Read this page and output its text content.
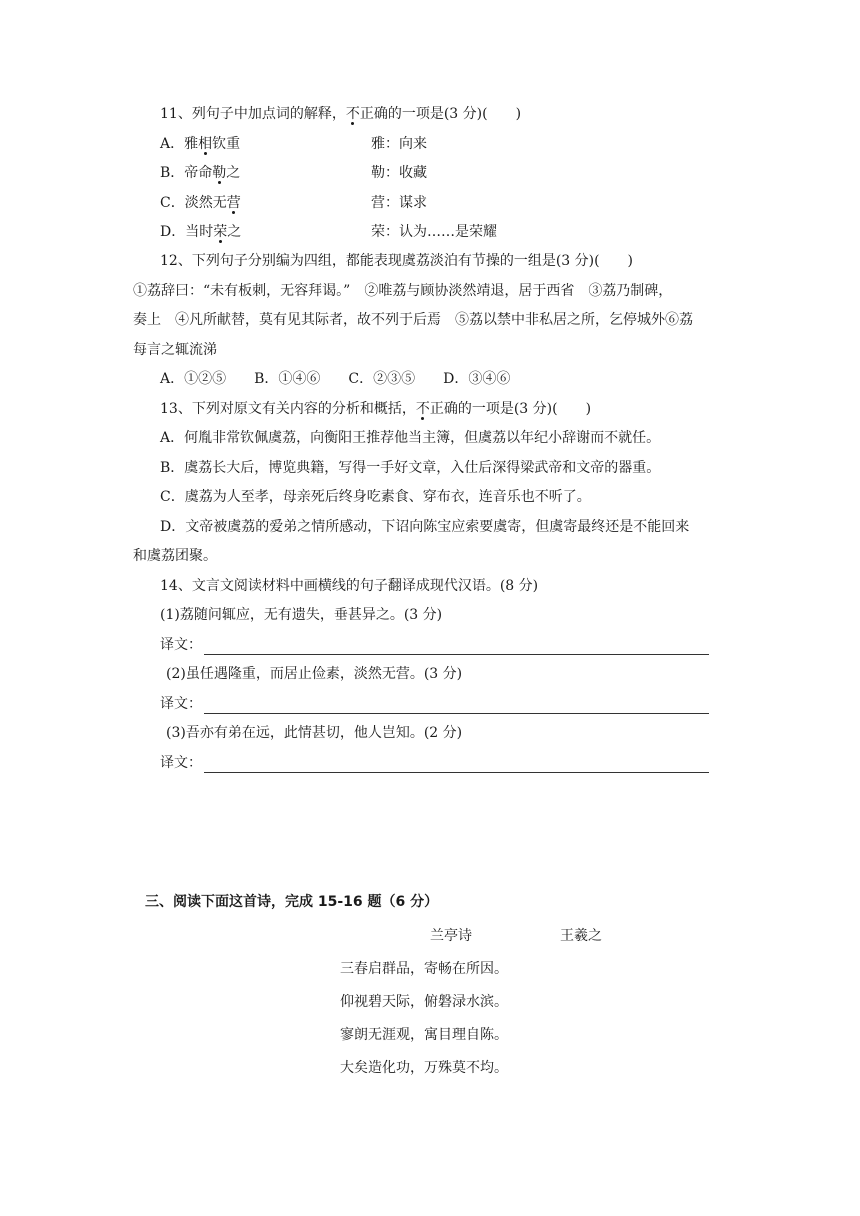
11、列句子中加点词的解释，不正确的一项是(3 分)(　　)
A．雅相钦重	雅：向来
B．帝命勒之	勒：收藏
C．淡然无营	营：谋求
D．当时荣之	荣：认为……是荣耀
12、下列句子分别编为四组，都能表现虞荔淡泊有节操的一组是(3 分)(　　)
①荔辞曰：“未有板刺，无容拜谒。”　②唯荔与顾协淡然靖退，居于西省　③荔乃制碑，
奏上　④凡所献替，莫有见其际者，故不列于后焉　⑤荔以禁中非私居之所，乞停城外⑥荔
每言之辄流涕
A．①②⑤　　B．①④⑥　　C．②③⑤　　D．③④⑥
13、下列对原文有关内容的分析和概括，不正确的一项是(3 分)(　　)
A．何胤非常钦佩虞荔，向衡阳王推荐他当主簿，但虞荔以年纪小辞谢而不就任。
B．虞荔长大后，博览典籍，写得一手好文章，入仕后深得梁武帝和文帝的器重。
C．虞荔为人至孝，母亲死后终身吃素食、穿布衣，连音乐也不听了。
D．文帝被虞荔的爱弟之情所感动，下诏向陈宝应索要虞寄，但虞寄最终还是不能回来
和虞荔团聚。
14、文言文阅读材料中画横线的句子翻译成现代汉语。(8 分)
(1)荔随问辄应，无有遗失，垂甚异之。(3 分)
译文：
(2)虽任遇隆重，而居止俭素，淡然无营。(3 分)
译文：
(3)吾亦有弟在远，此情甚切，他人岂知。(2 分)
译文：
三、阅读下面这首诗，完成 15-16 题（6 分）
兰亭诗	王羲之
三春启群品，寄畅在所因。
仰视碧天际，俯磐渌水滨。
寥朗无涯观，寓目理自陈。
大矣造化功，万殊莫不均。
